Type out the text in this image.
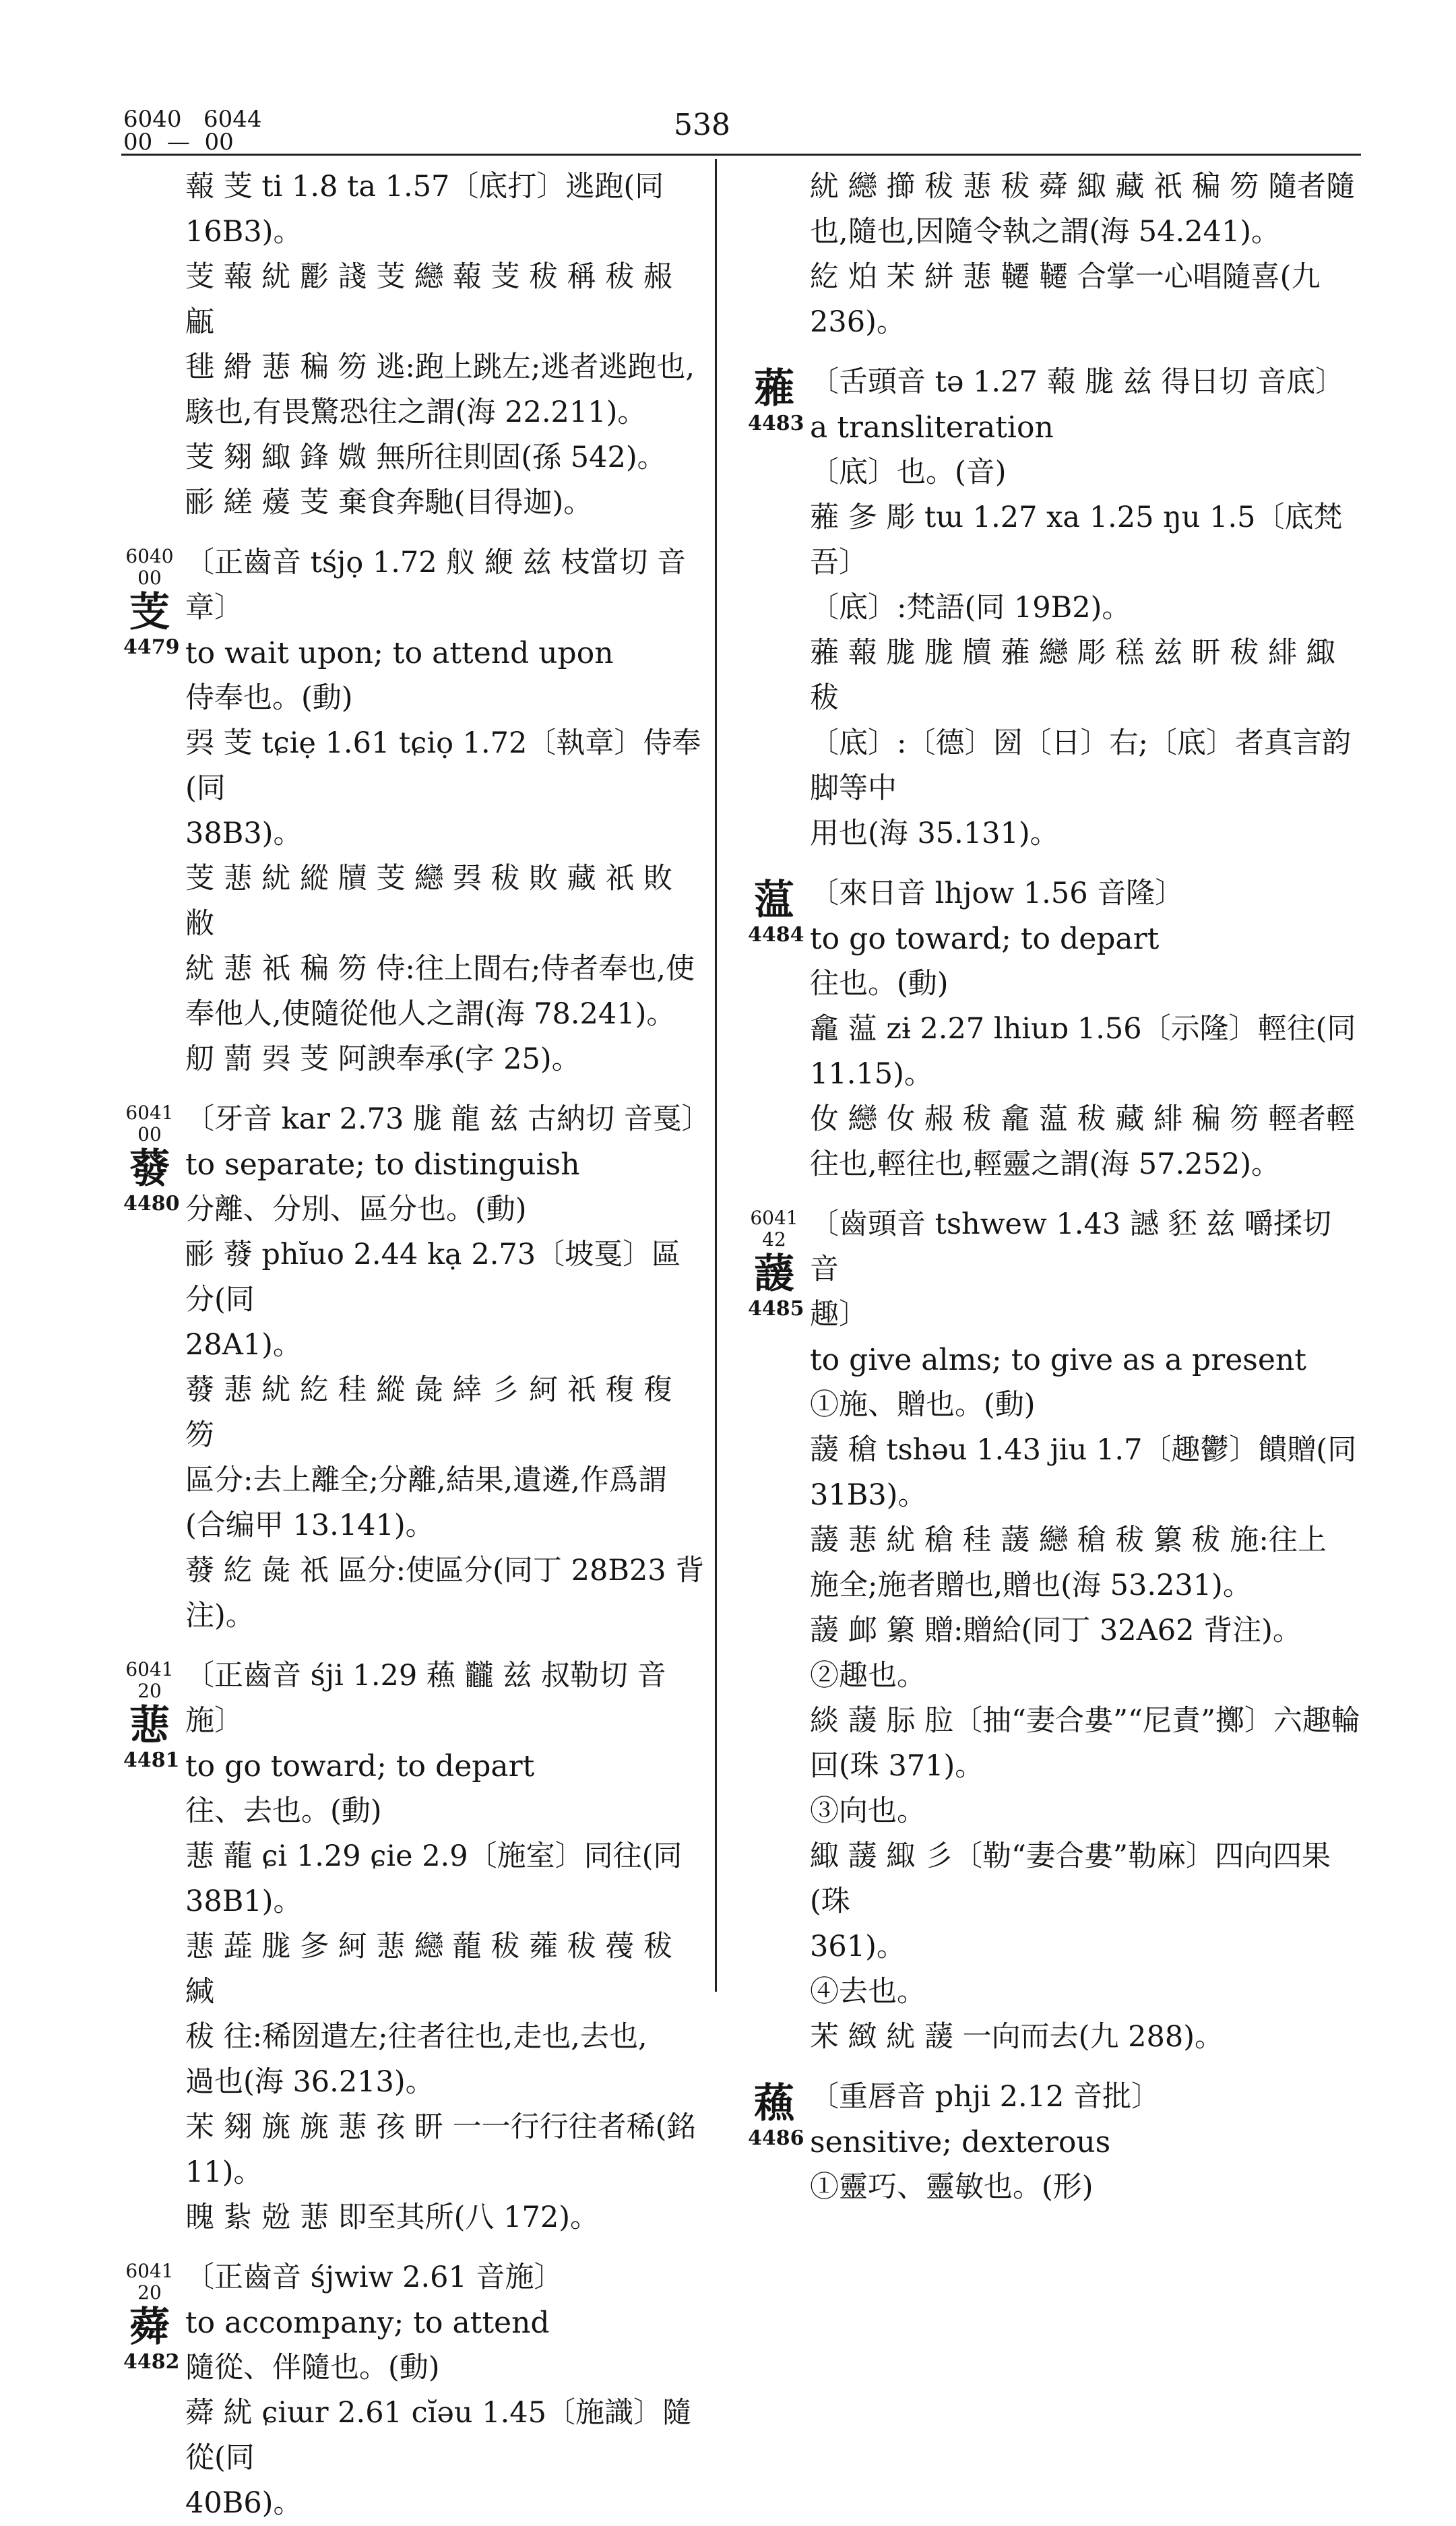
6040   6044
00  —  00	538
蕔 芰 ti 1.8 ta 1.57〔底打〕逃跑(同 16B3)。
芰 蕔 紌 彲 諓 芰 纞 蕔 芰 秡 稱 秡 赧 甂
毴 縎 蕜 稨 笏 逃:跑上跳左;逃者逃跑也,
駭也,有畏驚恐往之謂(海 22.211)。
芰 翗 緅 鋒 媺 無所往則固(孫 542)。
彨 縒 蕿 芰 棄食奔馳(目得迦)。
6040
00
芰
4479
〔正齒音 tśjọ 1.72 舣 緶 兹 枝當切 音章〕
to wait upon; to attend upon
侍奉也。(動)
㢲 芰 tɕiẹ 1.61 tɕiọ 1.72〔執章〕侍奉(同
38B3)。
芰 蕜 紌 縱 牘 芰 纞 㢲 秡 敗 藏 祇 敗 敝
紌 蕜 祇 稨 笏 侍:往上間右;侍者奉也,使
奉他人,使隨從他人之謂(海 78.241)。
舠 藅 㢲 芰 阿諛奉承(字 25)。
6041
00
蕟
4480
〔牙音 kar 2.73 䏵 龍 兹 古納切 音戛〕
to separate; to distinguish
分離、分別、區分也。(動)
彨 蕟 phĭuo 2.44 kạ 2.73〔坡戛〕區分(同
28A1)。
蕟 蕜 紌 紇 䅅 縱 彘 緈 彡 䋍 祇 稪 稪 笏
區分:去上離全;分離,結果,遺遴,作爲謂
(合编甲 13.141)。
蕟 紇 彘 祇 區分:使區分(同丁 28B23 背注)。
6041
20
蕜
4481
〔正齒音 śji 1.29 蘓 龖 兹 叔勒切 音施〕
to go toward; to depart
往、去也。(動)
蕜 蘢 ɕi 1.29 ɕie 2.9〔施室〕同往(同 38B1)。
蕜 蕋 䏵 㣊 䋍 蕜 纞 蘢 秡 蕹 秡 薎 秡 緘
秡 往:稀圀遣左;往者往也,走也,去也,
過也(海 36.213)。
㭉 翗 旐 旐 蕜 孩 䀘 一一行行往者稀(銘
11)。
䁛 紥 兝 蕜 即至其所(八 172)。
6041
20
蕣
4482
〔正齒音 śjwiw 2.61 音施〕
to accompany; to attend
隨從、伴隨也。(動)
蕣 紌 ɕiɯr 2.61 cĭəu 1.45〔施識〕隨從(同
40B6)。
紌 纞 擳 秡 蕜 秡 蕣 緅 藏 祇 稨 笏 隨者隨
也,隨也,因隨令執之謂(海 54.241)。
紇 𤇢 㭉 絣 蕜 韆 韆 合掌一心唱隨喜(九
236)。
蕥
4483
〔舌頭音 tə 1.27 蕔 䏵 兹 得日切 音底〕
a transliteration
〔底〕也。(音)
蕥 㣊 彫 tɯ 1.27 xa 1.25 ŋu 1.5〔底梵吾〕
〔底〕:梵語(同 19B2)。
蕥 蕔 䏵 䏵 牘 蕥 纞 彫 䅵 兹 䀘 秡 緋 緅 秡
〔底〕:〔德〕圀〔日〕右;〔底〕者真言韵脚等中
用也(海 35.131)。
蕰
4484
〔來日音 lhjow 1.56 音隆〕
to go toward; to depart
往也。(動)
龕 蕰 zɨ 2.27 lhiuɒ 1.56〔示隆〕輕往(同
11.15)。
㚢 纞 㚢 赧 秡 龕 蕰 秡 藏 緋 稨 笏 輕者輕
往也,輕往也,輕靈之謂(海 57.252)。
6041
42
蘐
4485
〔齒頭音 tshwew 1.43 䜗 豾 兹 嚼揉切 音
趣〕
to give alms; to give as a present
①施、贈也。(動)
蘐 䅮 tshəu 1.43 jiu 1.7〔趣鬱〕饋贈(同
31B3)。
蘐 蕜 紌 䅮 䅅 蘐 纞 䅮 秡 䉂 秡 施:往上
施全;施者贈也,贈也(海 53.231)。
蘐 䘏 䉂 贈:贈給(同丁 32A62 背注)。
②趣也。
緂 蘐 䏡 䏠〔抽“妻合婁”“尼責”擲〕六趣輪
回(珠 371)。
③向也。
緅 蘐 緅 彡〔勒“妻合婁”勒麻〕四向四果(珠
361)。
④去也。
㭉 緻 紌 蘐 一向而去(九 288)。
蘓
4486
〔重唇音 phji 2.12 音批〕
sensitive; dexterous
①靈巧、靈敏也。(形)
